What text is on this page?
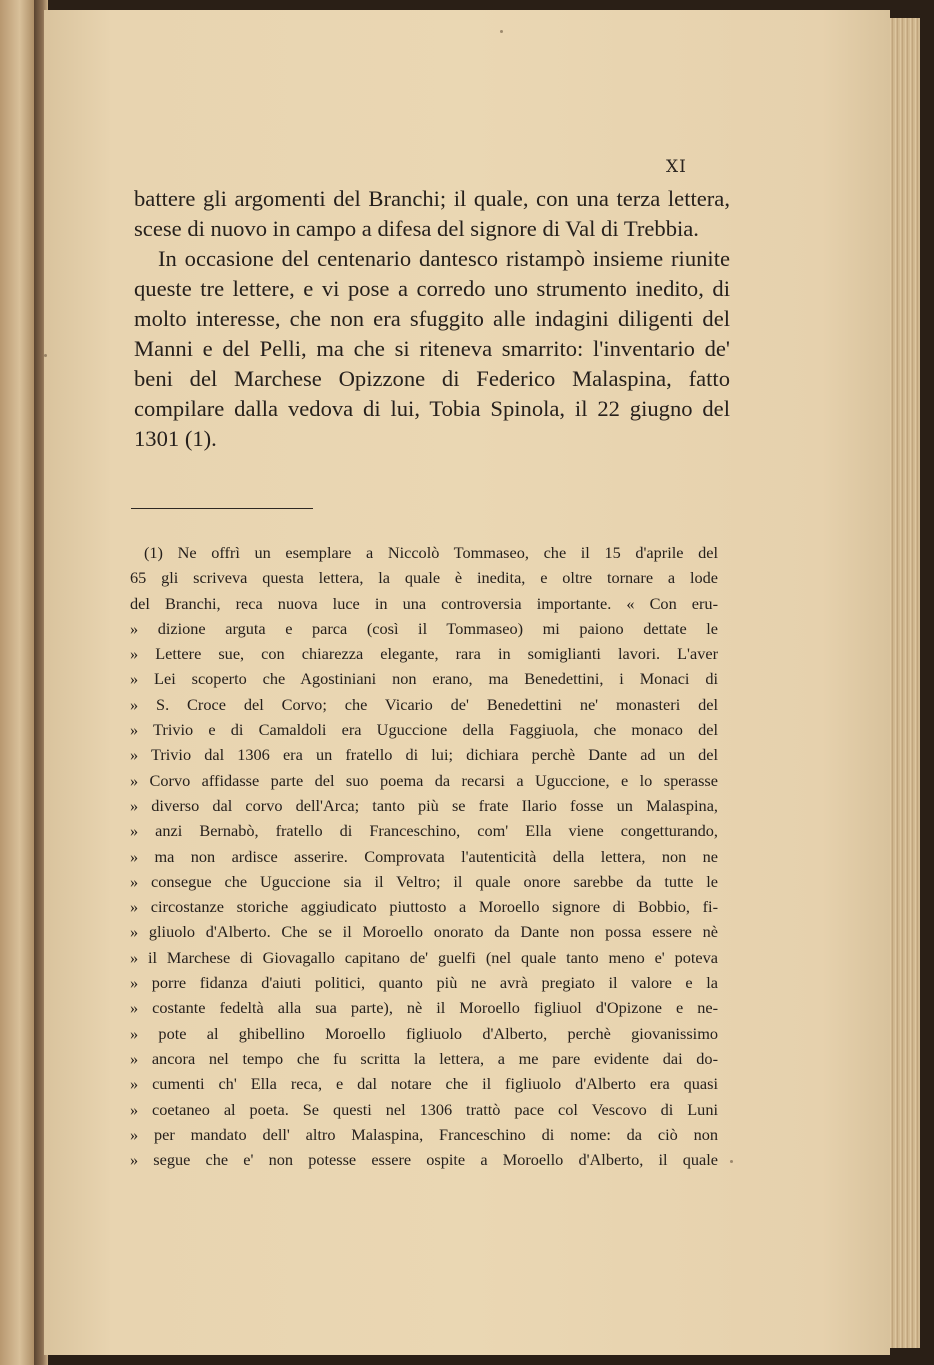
XI

battere gli argomenti del Branchi; il quale, con una terza lettera, scese di nuovo in campo a difesa del signore di Val di Trebbia.

In occasione del centenario dantesco ristampò insieme riunite queste tre lettere, e vi pose a corredo uno strumento inedito, di molto interesse, che non era sfuggito alle indagini diligenti del Manni e del Pelli, ma che si riteneva smarrito: l'inventario de' beni del Marchese Opizzone di Federico Malaspina, fatto compilare dalla vedova di lui, Tobia Spinola, il 22 giugno del 1301 (1).

(1) Ne offrì un esemplare a Niccolò Tommaseo, che il 15 d'aprile del
65 gli scriveva questa lettera, la quale è inedita, e oltre tornare a lode
del Branchi, reca nuova luce in una controversia importante. « Con eru-
» dizione arguta e parca (così il Tommaseo) mi paiono dettate le
» Lettere sue, con chiarezza elegante, rara in somiglianti lavori. L'aver
» Lei scoperto che Agostiniani non erano, ma Benedettini, i Monaci di
» S. Croce del Corvo; che Vicario de' Benedettini ne' monasteri del
» Trivio e di Camaldoli era Uguccione della Faggiuola, che monaco del
» Trivio dal 1306 era un fratello di lui; dichiara perchè Dante ad un del
» Corvo affidasse parte del suo poema da recarsi a Uguccione, e lo sperasse
» diverso dal corvo dell'Arca; tanto più se frate Ilario fosse un Malaspina,
» anzi Bernabò, fratello di Franceschino, com' Ella viene congetturando,
» ma non ardisce asserire. Comprovata l'autenticità della lettera, non ne
» consegue che Uguccione sia il Veltro; il quale onore sarebbe da tutte le
» circostanze storiche aggiudicato piuttosto a Moroello signore di Bobbio, fi-
» gliuolo d'Alberto. Che se il Moroello onorato da Dante non possa essere nè
» il Marchese di Giovagallo capitano de' guelfi (nel quale tanto meno e' poteva
» porre fidanza d'aiuti politici, quanto più ne avrà pregiato il valore e la
» costante fedeltà alla sua parte), nè il Moroello figliuol d'Opizone e ne-
» pote al ghibellino Moroello figliuolo d'Alberto, perchè giovanissimo
» ancora nel tempo che fu scritta la lettera, a me pare evidente dai do-
» cumenti ch' Ella reca, e dal notare che il figliuolo d'Alberto era quasi
» coetaneo al poeta. Se questi nel 1306 trattò pace col Vescovo di Luni
» per mandato dell' altro Malaspina, Franceschino di nome: da ciò non
» segue che e' non potesse essere ospite a Moroello d'Alberto, il quale
